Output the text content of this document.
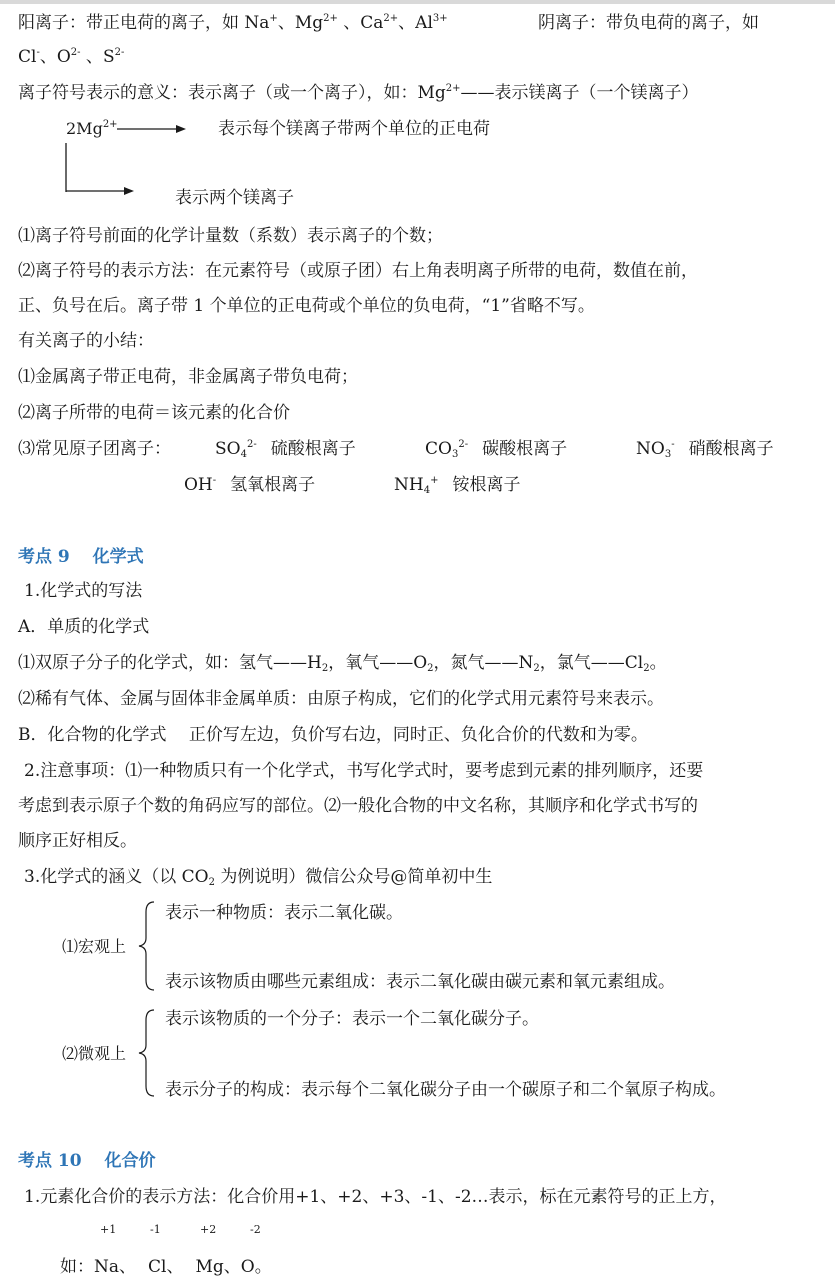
阳离子：带正电荷的离子，如 Na+、$Mg^{2+}$ 、$Ca^{2+}$、$Al^{3+}$	阴离子：带负电荷的离子，如
Cl-、$O^{2-}$ 、$S^{2-}$
离子符号表示的意义：表示离子（或一个离子），如：$Mg^{2+}——$表示镁离子（一个镁离子）
$2Mg^{2+}$	表示每个镁离子带两个单位的正电荷
表示两个镁离子
⑴离子符号前面的化学计量数（系数）表示离子的个数；
⑵离子符号的表示方法：在元素符号（或原子团）右上角表明离子所带的电荷，数值在前，
正、负号在后。离子带 1 个单位的正电荷或个单位的负电荷，“1”省略不写。
有关离子的小结：
⑴金属离子带正电荷，非金属离子带负电荷；
⑵离子所带的电荷＝该元素的化合价
⑶常见原子团离子：	$SO_4^{2-}$ 硫酸根离子	$CO_3^{2-}$ 碳酸根离子	$NO_3^-$ 硝酸根离子
OH- 氢氧根离子	$NH_4^+$ 铵根离子
考点 9　 化学式
1.化学式的写法
A．单质的化学式
⑴双原子分子的化学式，如：氢气$——H_2$，氧气$——O_2$，氮气$——N_2$，氯气$——Cl_2$。
⑵稀有气体、金属与固体非金属单质：由原子构成，它们的化学式用元素符号来表示。
B．化合物的化学式　 正价写左边，负价写右边，同时正、负化合价的代数和为零。
2.注意事项：⑴一种物质只有一个化学式，书写化学式时，要考虑到元素的排列顺序，还要
考虑到表示原子个数的角码应写的部位。⑵一般化合物的中文名称，其顺序和化学式书写的
顺序正好相反。
3.化学式的涵义（以 $CO_2$ 为例说明）微信公众号@简单初中生
⑴宏观上
表示一种物质：表示二氧化碳。
表示该物质由哪些元素组成：表示二氧化碳由碳元素和氧元素组成。
⑵微观上
表示该物质的一个分子：表示一个二氧化碳分子。
表示分子的构成：表示每个二氧化碳分子由一个碳原子和二个氧原子构成。
考点 10　 化合价
1.元素化合价的表示方法：化合价用+1、+2、+3、-1、-2…表示，标在元素符号的正上方，
+1	-1	+2	-2
如：Na、 Cl、 Mg、O。
